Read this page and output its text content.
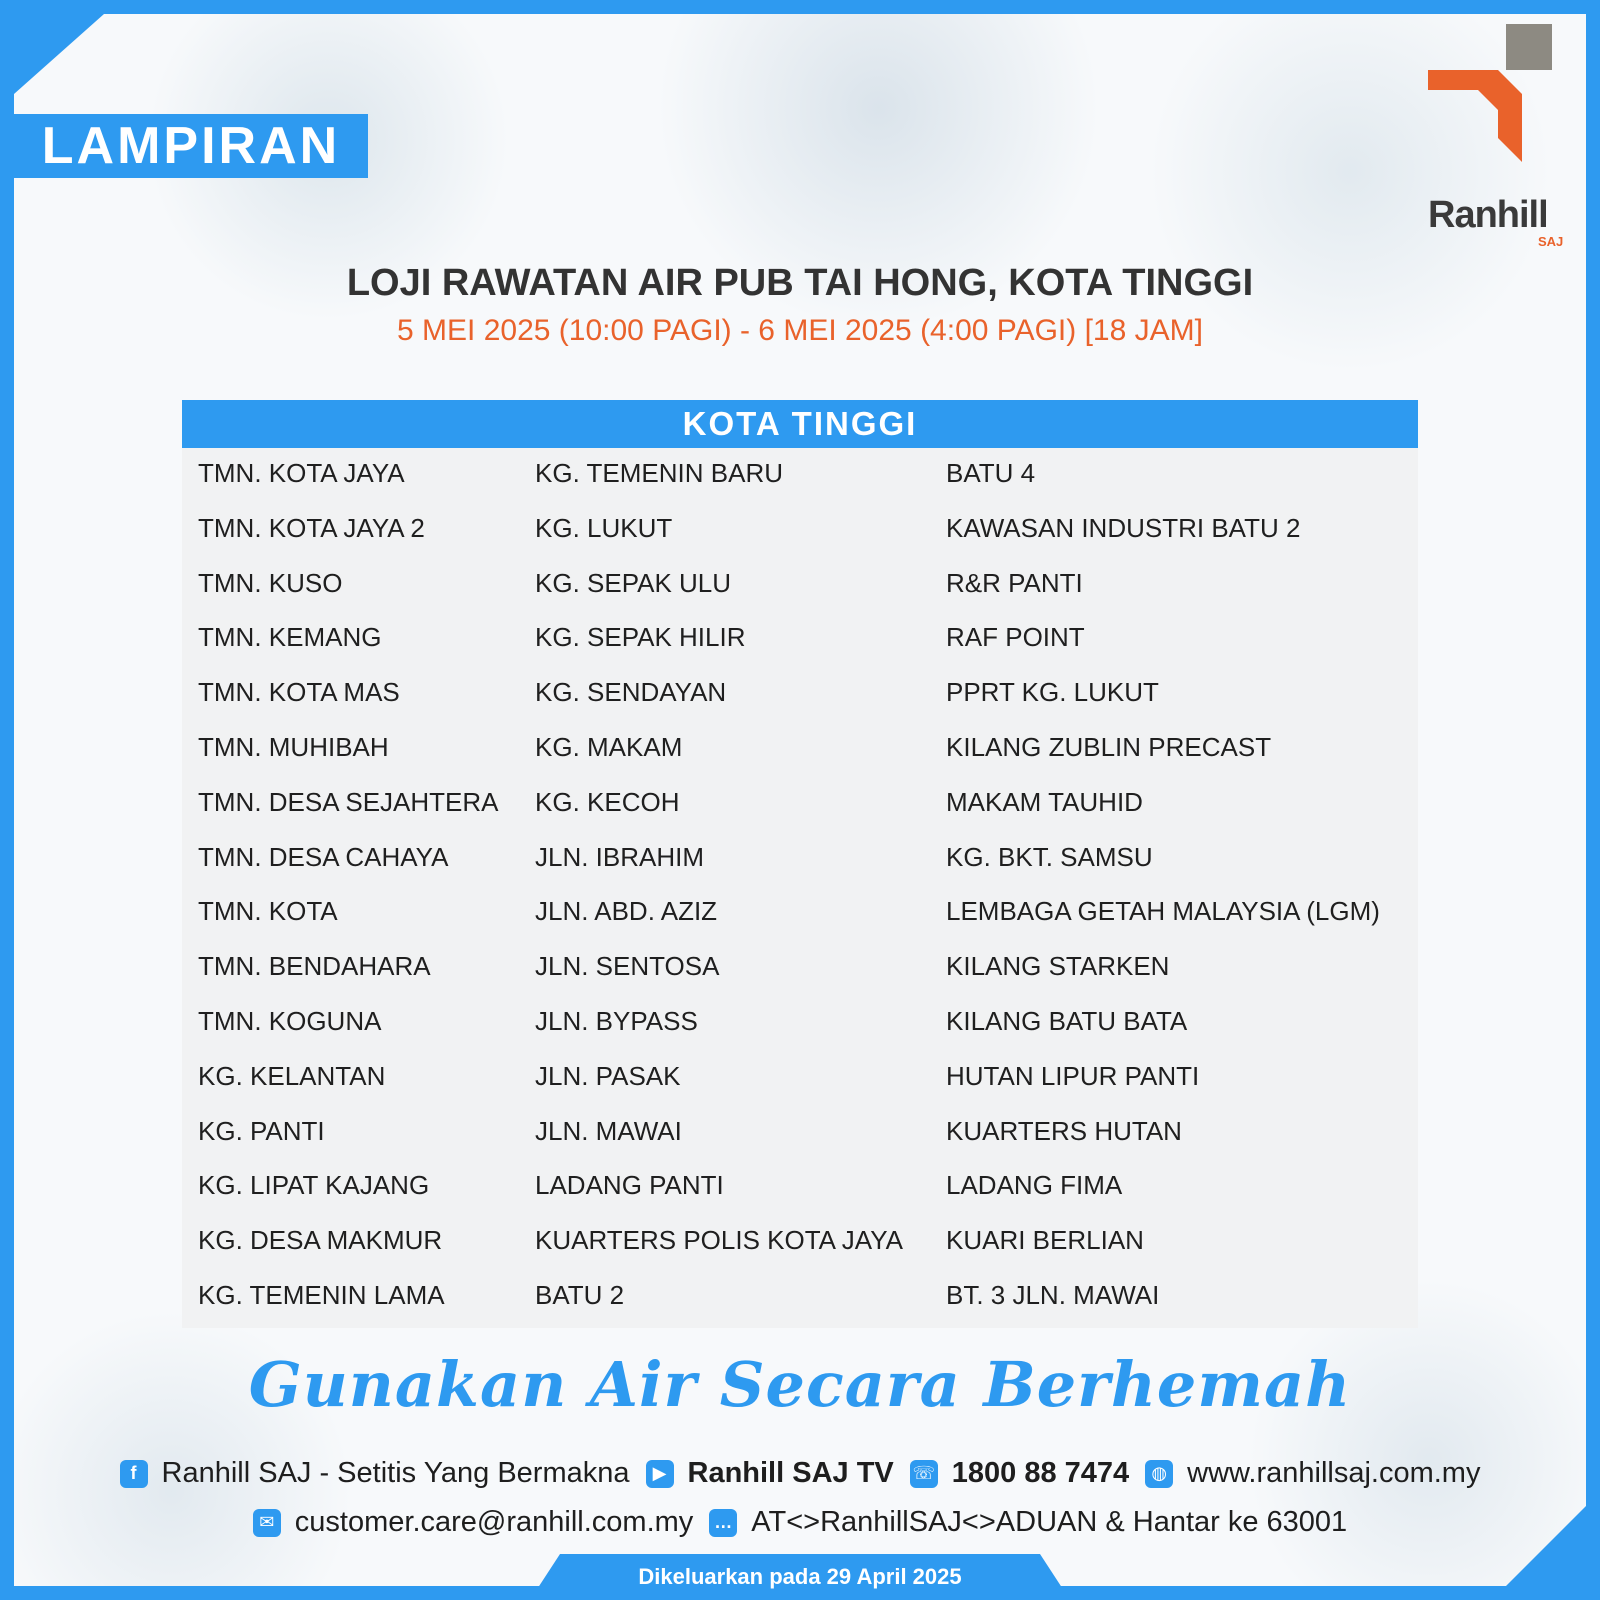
LAMPIRAN
Ranhill
SAJ
LOJI RAWATAN AIR PUB TAI HONG, KOTA TINGGI
5 MEI 2025 (10:00 PAGI) - 6 MEI 2025 (4:00 PAGI) [18 JAM]
KOTA TINGGI
TMN. KOTA JAYA
TMN. KOTA JAYA 2
TMN. KUSO
TMN. KEMANG
TMN. KOTA MAS
TMN. MUHIBAH
TMN. DESA SEJAHTERA
TMN. DESA CAHAYA
TMN. KOTA
TMN. BENDAHARA
TMN. KOGUNA
KG. KELANTAN
KG. PANTI
KG. LIPAT KAJANG
KG. DESA MAKMUR
KG. TEMENIN LAMA
KG. TEMENIN BARU
KG. LUKUT
KG. SEPAK ULU
KG. SEPAK HILIR
KG. SENDAYAN
KG. MAKAM
KG. KECOH
JLN. IBRAHIM
JLN. ABD. AZIZ
JLN. SENTOSA
JLN. BYPASS
JLN. PASAK
JLN. MAWAI
LADANG PANTI
KUARTERS POLIS KOTA JAYA
BATU 2
BATU 4
KAWASAN INDUSTRI BATU 2
R&R PANTI
RAF POINT
PPRT KG. LUKUT
KILANG ZUBLIN PRECAST
MAKAM TAUHID
KG. BKT. SAMSU
LEMBAGA GETAH MALAYSIA (LGM)
KILANG STARKEN
KILANG BATU BATA
HUTAN LIPUR PANTI
KUARTERS HUTAN
LADANG FIMA
KUARI BERLIAN
BT. 3 JLN. MAWAI
Gunakan Air Secara Berhemah
f Ranhill SAJ - Setitis Yang Bermakna	▶ Ranhill SAJ TV ☏ 1800 88 7474	◍ www.ranhillsaj.com.my
✉ customer.care@ranhill.com.my … AT<>RanhillSAJ<>ADUAN & Hantar ke 63001
Dikeluarkan pada 29 April 2025
